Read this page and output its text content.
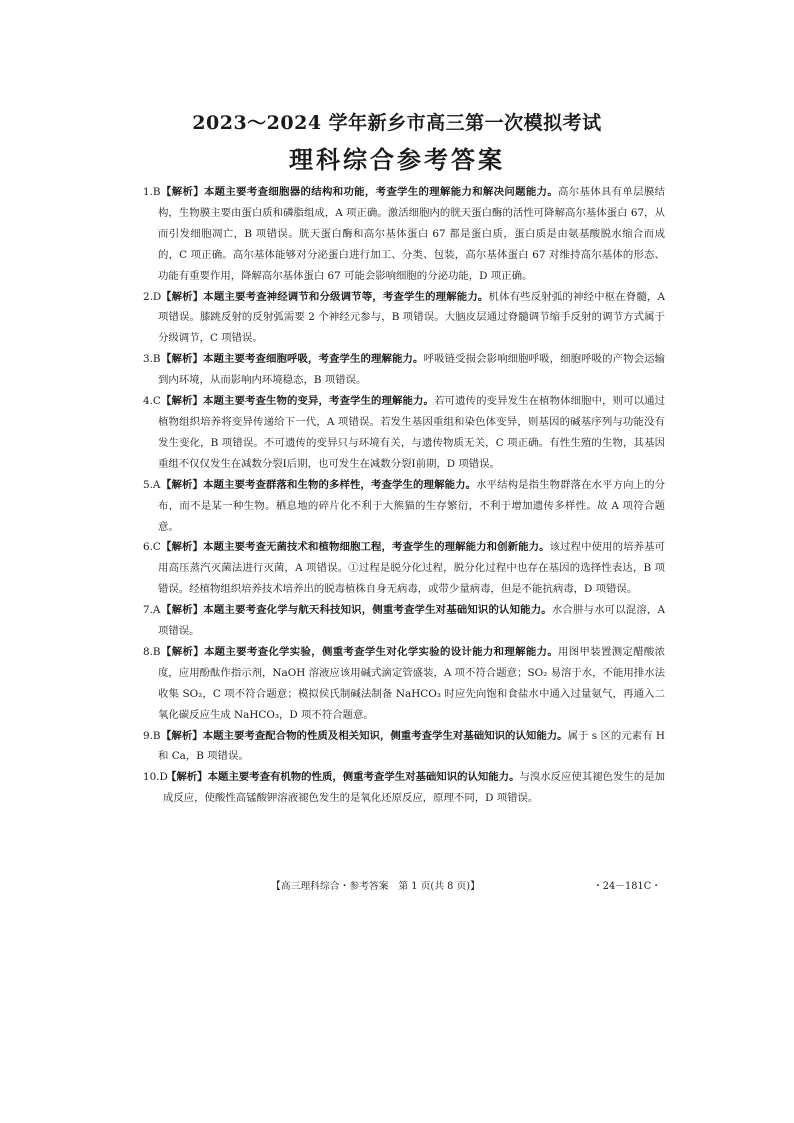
2023～2024 学年新乡市高三第一次模拟考试
理科综合参考答案
1.B 【解析】本题主要考查细胞器的结构和功能，考查学生的理解能力和解决问题能力。高尔基体具有单层膜结构，生物膜主要由蛋白质和磷脂组成，A 项正确。激活细胞内的胱天蛋白酶的活性可降解高尔基体蛋白 67，从而引发细胞凋亡，B 项错误。胱天蛋白酶和高尔基体蛋白 67 都是蛋白质，蛋白质是由氨基酸脱水缩合而成的，C 项正确。高尔基体能够对分泌蛋白进行加工、分类、包装，高尔基体蛋白 67 对维持高尔基体的形态、功能有重要作用，降解高尔基体蛋白 67 可能会影响细胞的分泌功能，D 项正确。
2.D 【解析】本题主要考查神经调节和分级调节等，考查学生的理解能力。机体有些反射弧的神经中枢在脊髓，A 项错误。膝跳反射的反射弧需要 2 个神经元参与，B 项错误。大脑皮层通过脊髓调节缩手反射的调节方式属于分级调节，C 项错误。
3.B 【解析】本题主要考查细胞呼吸，考查学生的理解能力。呼吸链受损会影响细胞呼吸，细胞呼吸的产物会运输到内环境，从而影响内环境稳态，B 项错误。
4.C 【解析】本题主要考查生物的变异，考查学生的理解能力。若可遗传的变异发生在植物体细胞中，则可以通过植物组织培养将变异传递给下一代，A 项错误。若发生基因重组和染色体变异，则基因的碱基序列与功能没有发生变化，B 项错误。不可遗传的变异只与环境有关，与遗传物质无关，C 项正确。有性生殖的生物，其基因重组不仅仅发生在减数分裂Ⅰ后期，也可发生在减数分裂Ⅰ前期，D 项错误。
5.A 【解析】本题主要考查群落和生物的多样性，考查学生的理解能力。水平结构是指生物群落在水平方向上的分布，而不是某一种生物。栖息地的碎片化不利于大熊猫的生存繁衍，不利于增加遗传多样性。故 A 项符合题意。
6.C 【解析】本题主要考查无菌技术和植物细胞工程，考查学生的理解能力和创新能力。该过程中使用的培养基可用高压蒸汽灭菌法进行灭菌，A 项错误。①过程是脱分化过程，脱分化过程中也存在基因的选择性表达，B 项错误。经植物组织培养技术培养出的脱毒植株自身无病毒，或带少量病毒，但是不能抗病毒，D 项错误。
7.A 【解析】本题主要考查化学与航天科技知识，侧重考查学生对基础知识的认知能力。水合肼与水可以混溶，A 项错误。
8.B 【解析】本题主要考查化学实验，侧重考查学生对化学实验的设计能力和理解能力。用图甲装置测定醋酸浓度，应用酚酞作指示剂，NaOH 溶液应该用碱式滴定管盛装，A 项不符合题意；SO₂ 易溶于水，不能用排水法收集 SO₂，C 项不符合题意；模拟侯氏制碱法制备 NaHCO₃ 时应先向饱和食盐水中通入过量氨气，再通入二氧化碳反应生成 NaHCO₃，D 项不符合题意。
9.B 【解析】本题主要考查配合物的性质及相关知识，侧重考查学生对基础知识的认知能力。属于 s 区的元素有 H 和 Ca，B 项错误。
10.D
【解析】本题主要考查有机物的性质，侧重考查学生对基础知识的认知能力。与溴水反应使其褪色发生的是加成反应，使酸性高锰酸钾溶液褪色发生的是氧化还原反应，原理不同，D 项错误。
【高三理科综合・参考答案　第 1 页(共 8 页)】	・24－181C・
